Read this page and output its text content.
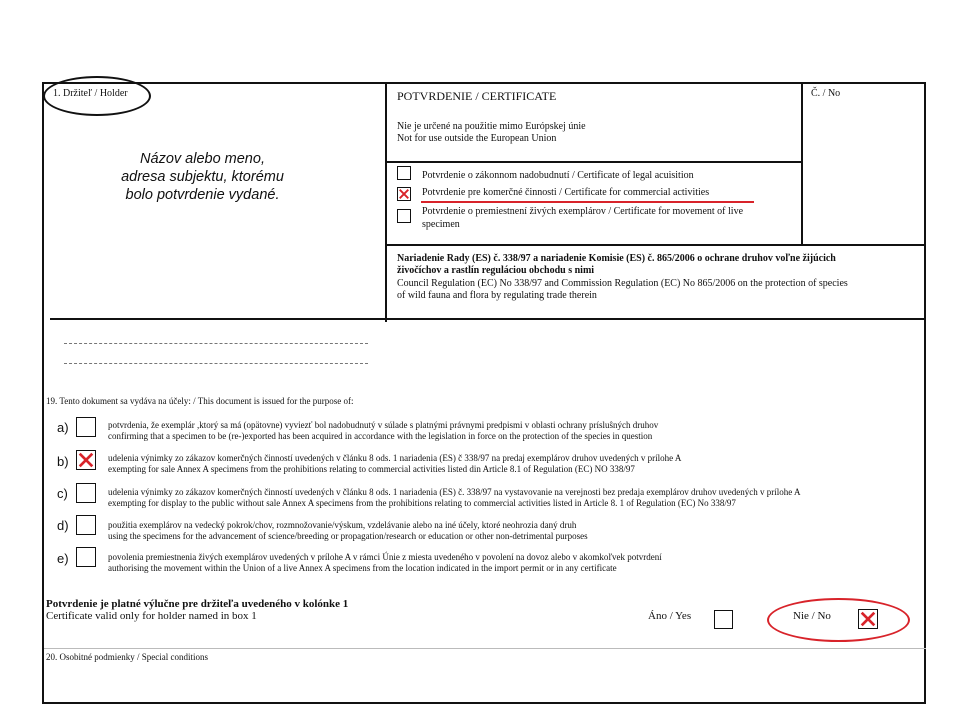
1. Držiteľ / Holder
Názov alebo meno,
adresa subjektu, ktorému
bolo potvrdenie vydané.
POTVRDENIE / CERTIFICATE	Č. / No
Nie je určené na použitie mimo Európskej únie
Not for use outside the European Union
Potvrdenie o zákonnom nadobudnutí / Certificate of legal acuisition
Potvrdenie pre komerčné činnosti / Certificate for commercial activities
Potvrdenie o premiestnení živých exemplárov / Certificate for movement of live
specimen
Nariadenie Rady (ES) č. 338/97 a nariadenie Komisie (ES) č. 865/2006 o ochrane druhov voľne žijúcich
živočíchov a rastlín reguláciou obchodu s nimi
Council Regulation (EC) No 338/97 and Commission Regulation (EC) No 865/2006 on the protection of species
of wild fauna and flora by regulating trade therein
19. Tento dokument sa vydáva na účely: / This document is issued for the purpose of:
a)	potvrdenia, že exemplár ,ktorý sa má (opätovne) vyviezť bol nadobudnutý v súlade s platnými právnymi predpismi v oblasti ochrany prísluŝných druhov
confirming that a specimen to be (re-)exported has been acquired in accordance with the legislation in force on the protection of the species in question
b)	udelenia výnimky zo zákazov komerčných činností uvedených v článku 8 ods. 1 nariadenia (ES) č 338/97 na predaj exemplárov druhov uvedených v prílohe A
exempting for sale Annex A specimens from the prohibitions relating to commercial activities listed din Article 8.1 of Regulation (EC) NO 338/97
c)	udelenia výnimky zo zákazov komerčných činností uvedených v článku 8 ods. 1 nariadenia (ES) č. 338/97 na vystavovanie na verejnosti bez predaja exemplárov druhov uvedených v prílohe A
exempting for display to the public without sale Annex A specimens from the prohibitions relating to commercial activities listed in Article 8. 1 of Regulation (EC) No 338/97
d)	použitia exemplárov na vedecký pokrok/chov, rozmnožovanie/výskum, vzdelávanie alebo na iné účely, ktoré neohrozia daný druh
using the specimens for the advancement of science/breeding or propagation/research or education or other non-detrimental purposes
e)	povolenia premiestnenia živých exemplárov uvedených v prílohe A v rámci Únie z miesta uvedeného v povolení na dovoz alebo v akomkoľvek potvrdení
authorising the movement within the Union of a live Annex A specimens from the location indicated in the import permit or in any certificate
Potvrdenie je platné výlučne pre držiteľa uvedeného v kolónke 1
Certificate valid only for holder named in box 1	Áno / Yes	Nie / No
20. Osobitné podmienky / Special conditions
